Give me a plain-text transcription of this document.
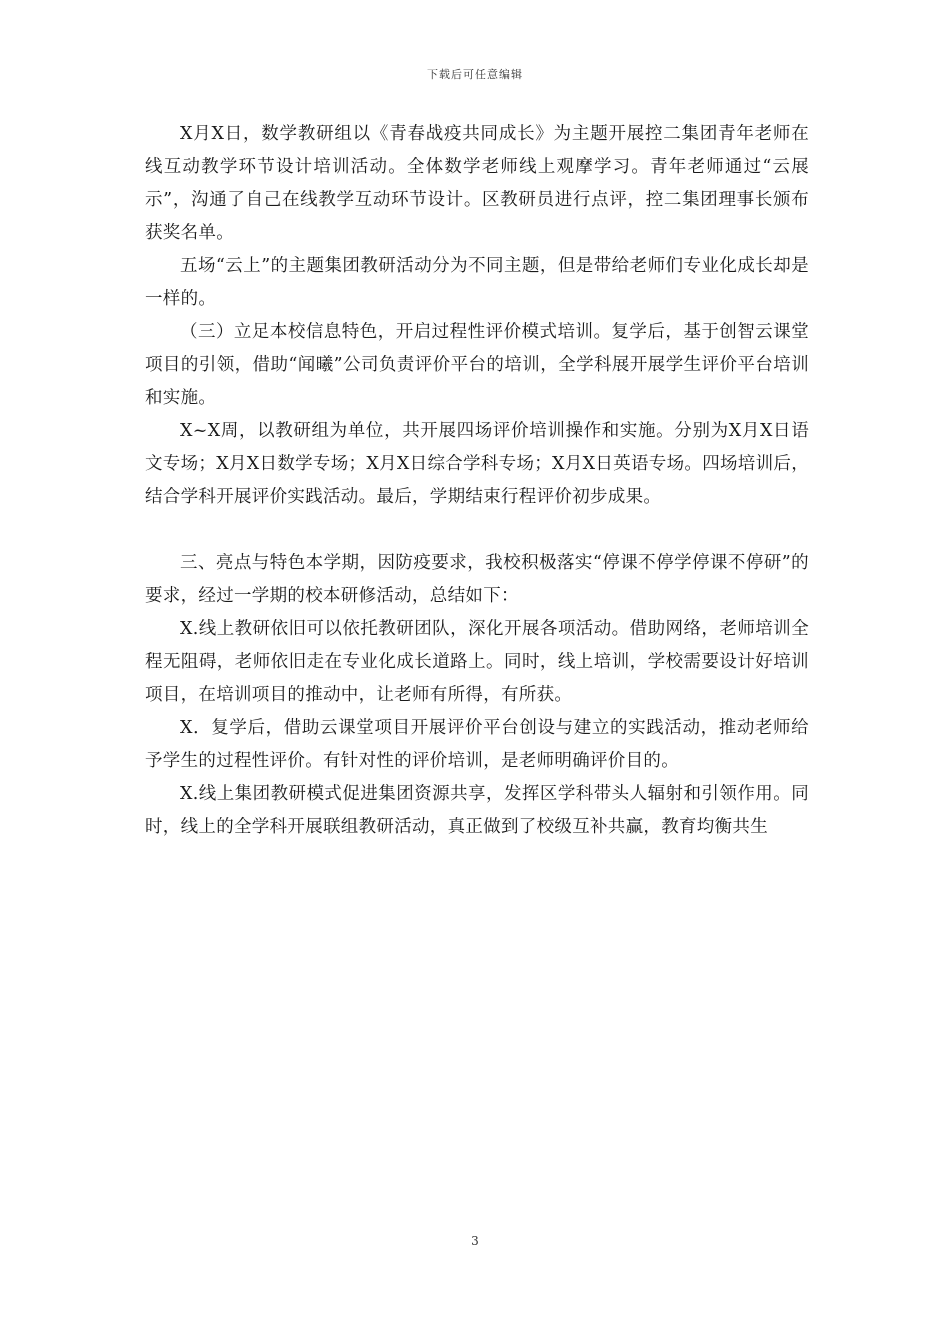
下载后可任意编辑

X月X日，数学教研组以《青春战疫共同成长》为主题开展控二集团青年老师在线互动教学环节设计培训活动。全体数学老师线上观摩学习。青年老师通过“云展示”，沟通了自己在线教学互动环节设计。区教研员进行点评，控二集团理事长颁布获奖名单。

五场“云上”的主题集团教研活动分为不同主题，但是带给老师们专业化成长却是一样的。

（三）立足本校信息特色，开启过程性评价模式培训。复学后，基于创智云课堂项目的引领，借助“闻曦”公司负责评价平台的培训，全学科展开展学生评价平台培训和实施。

X~X周，以教研组为单位，共开展四场评价培训操作和实施。分别为X月X日语文专场；X月X日数学专场；X月X日综合学科专场；X月X日英语专场。四场培训后，结合学科开展评价实践活动。最后，学期结束行程评价初步成果。

三、亮点与特色本学期，因防疫要求，我校积极落实“停课不停学停课不停研”的要求，经过一学期的校本研修活动，总结如下：

X.线上教研依旧可以依托教研团队，深化开展各项活动。借助网络，老师培训全程无阻碍，老师依旧走在专业化成长道路上。同时，线上培训，学校需要设计好培训项目，在培训项目的推动中，让老师有所得，有所获。

X．复学后，借助云课堂项目开展评价平台创设与建立的实践活动，推动老师给予学生的过程性评价。有针对性的评价培训，是老师明确评价目的。

X.线上集团教研模式促进集团资源共享，发挥区学科带头人辐射和引领作用。同时，线上的全学科开展联组教研活动，真正做到了校级互补共赢，教育均衡共生

3
